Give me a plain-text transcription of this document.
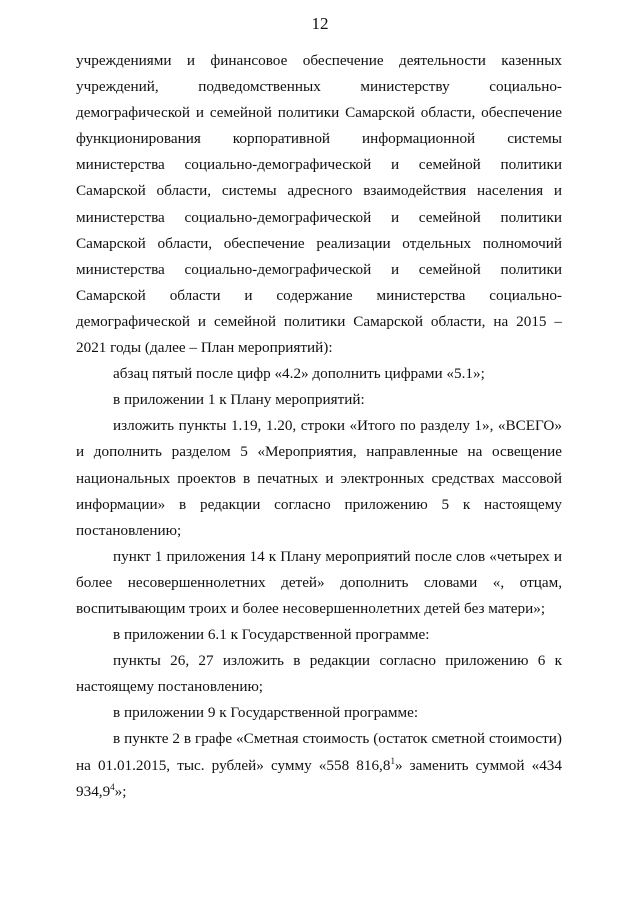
12

учреждениями и финансовое обеспечение деятельности казенных учреждений, подведомственных министерству социально-демографической и семейной политики Самарской области, обеспечение функционирования корпоративной информационной системы министерства социально-демографической и семейной политики Самарской области, системы адресного взаимодействия населения и министерства социально-демографической и семейной политики Самарской области, обеспечение реализации отдельных полномочий министерства социально-демографической и семейной политики Самарской области и содержание министерства социально-демографической и семейной политики Самарской области, на 2015 – 2021 годы (далее – План мероприятий):

абзац пятый после цифр «4.2» дополнить цифрами «5.1»;

в приложении 1 к Плану мероприятий:

изложить пункты 1.19, 1.20, строки «Итого по разделу 1», «ВСЕГО» и дополнить разделом 5 «Мероприятия, направленные на освещение национальных проектов в печатных и электронных средствах массовой информации» в редакции согласно приложению 5 к настоящему постановлению;

пункт 1 приложения 14 к Плану мероприятий после слов «четырех и более несовершеннолетних детей» дополнить словами «, отцам, воспитывающим троих и более несовершеннолетних детей без матери»;

в приложении 6.1 к Государственной программе:

пункты 26, 27 изложить в редакции согласно приложению 6 к настоящему постановлению;

в приложении 9 к Государственной программе:

в пункте 2 в графе «Сметная стоимость (остаток сметной стоимости) на 01.01.2015, тыс. рублей» сумму «558 816,8$^1$» заменить суммой «434 934,9$^4$»;
